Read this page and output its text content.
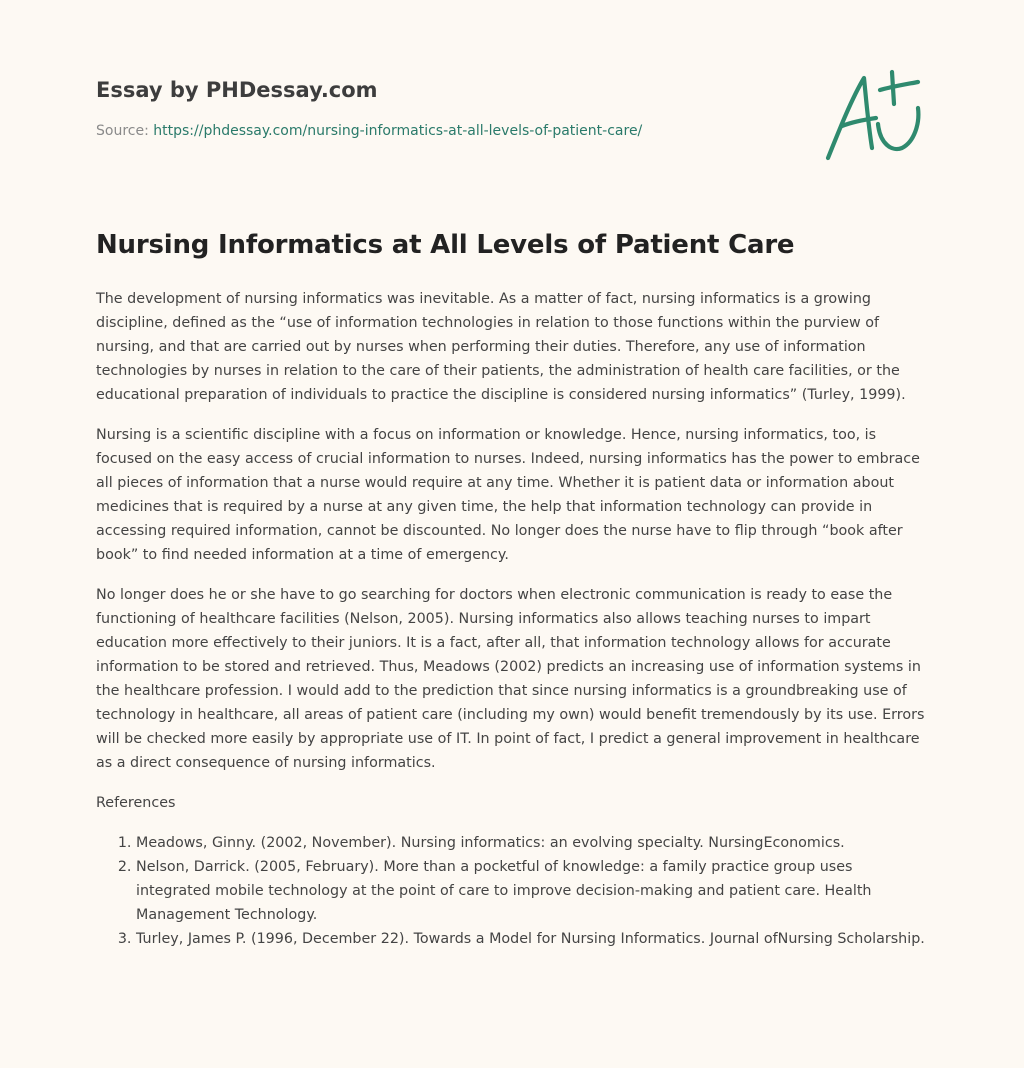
Essay by PHDessay.com
Source: https://phdessay.com/nursing-informatics-at-all-levels-of-patient-care/
Nursing Informatics at All Levels of Patient Care

The development of nursing informatics was inevitable. As a matter of fact, nursing informatics is a growing discipline, defined as the “use of information technologies in relation to those functions within the purview of nursing, and that are carried out by nurses when performing their duties. Therefore, any use of information technologies by nurses in relation to the care of their patients, the administration of health care facilities, or the educational preparation of individuals to practice the discipline is considered nursing informatics” (Turley, 1999).

Nursing is a scientific discipline with a focus on information or knowledge. Hence, nursing informatics, too, is focused on the easy access of crucial information to nurses. Indeed, nursing informatics has the power to embrace all pieces of information that a nurse would require at any time. Whether it is patient data or information about medicines that is required by a nurse at any given time, the help that information technology can provide in accessing required information, cannot be discounted. No longer does the nurse have to flip through “book after book” to find needed information at a time of emergency.

No longer does he or she have to go searching for doctors when electronic communication is ready to ease the functioning of healthcare facilities (Nelson, 2005). Nursing informatics also allows teaching nurses to impart education more effectively to their juniors. It is a fact, after all, that information technology allows for accurate information to be stored and retrieved. Thus, Meadows (2002) predicts an increasing use of information systems in the healthcare profession. I would add to the prediction that since nursing informatics is a groundbreaking use of technology in healthcare, all areas of patient care (including my own) would benefit tremendously by its use. Errors will be checked more easily by appropriate use of IT. In point of fact, I predict a general improvement in healthcare as a direct consequence of nursing informatics.

References

1. Meadows, Ginny. (2002, November). Nursing informatics: an evolving specialty. NursingEconomics.
2. Nelson, Darrick. (2005, February). More than a pocketful of knowledge: a family practice group uses integrated mobile technology at the point of care to improve decision-making and patient care. Health Management Technology.
3. Turley, James P. (1996, December 22). Towards a Model for Nursing Informatics. Journal ofNursing Scholarship.
